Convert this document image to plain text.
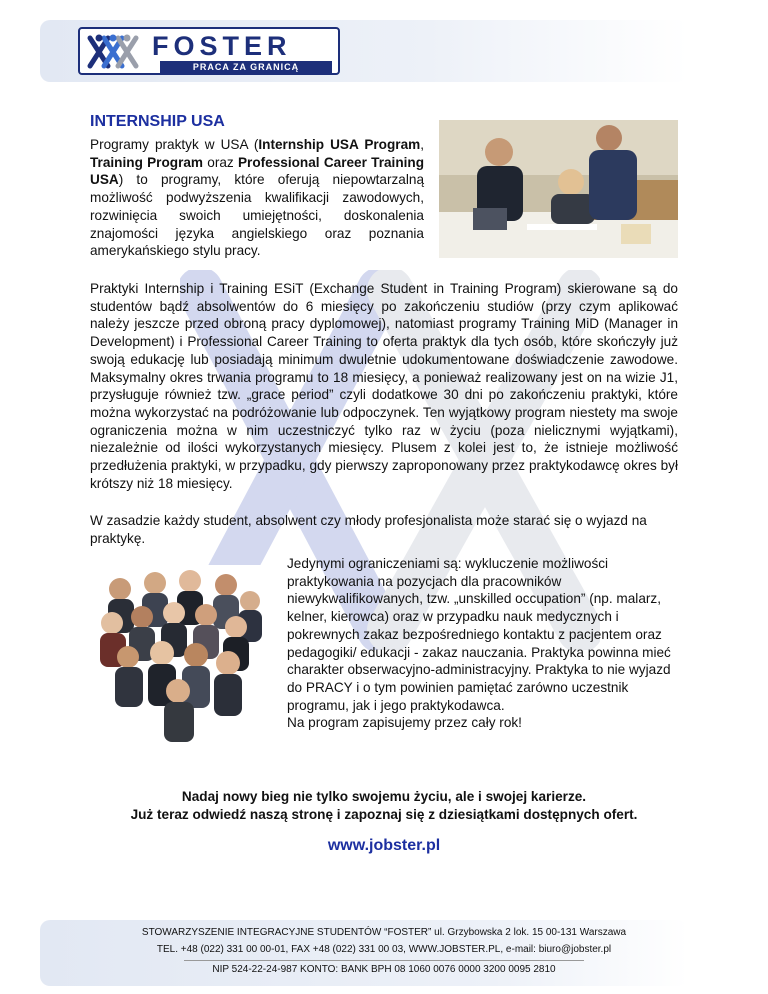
FOSTER
PRACA ZA GRANICĄ
INTERNSHIP USA

Programy praktyk w USA (Internship USA Program, Training Program oraz Professional Career Training USA) to programy, które oferują niepowtarzalną możliwość podwyższenia kwalifikacji zawodowych, rozwinięcia swoich umiejętności, doskonalenia znajomości języka angielskiego oraz poznania amerykańskiego stylu pracy.

Praktyki Internship i Training ESiT (Exchange Student in Training Program) skierowane są do studentów bądź absolwentów do 6 miesięcy po zakończeniu studiów (przy czym aplikować należy jeszcze przed obroną pracy dyplomowej), natomiast programy Training MiD (Manager in Development) i Professional Career Training to oferta praktyk dla tych osób, które skończyły już swoją edukację lub posiadają minimum dwuletnie udokumentowane doświadczenie zawodowe. Maksymalny okres trwania programu to 18 miesięcy, a ponieważ realizowany jest on na wizie J1, przysługuje również tzw. „grace period” czyli dodatkowe 30 dni po zakończeniu praktyki, które można wykorzystać na podróżowanie lub odpoczynek. Ten wyjątkowy program niestety ma swoje ograniczenia można w nim uczestniczyć tylko raz w życiu (poza nielicznymi wyjątkami), niezależnie od ilości wykorzystanych miesięcy. Plusem z kolei jest to, że istnieje możliwość przedłużenia praktyki, w przypadku, gdy pierwszy zaproponowany przez praktykodawcę okres był krótszy niż 18 miesięcy.

W zasadzie każdy student, absolwent czy młody profesjonalista może starać się o wyjazd na praktykę.

Jedynymi ograniczeniami są: wykluczenie możliwości praktykowania na pozycjach dla pracowników niewykwalifikowanych, tzw. „unskilled occupation” (np. malarz, kelner, kierowca) oraz w przypadku nauk medycznych i pokrewnych zakaz bezpośredniego kontaktu z pacjentem oraz pedagogiki/ edukacji - zakaz nauczania. Praktyka powinna mieć charakter obserwacyjno-administracyjny. Praktyka to nie wyjazd do PRACY i o tym powinien pamiętać zarówno uczestnik programu, jak i jego praktykodawca.
Na program zapisujemy przez cały rok!

Nadaj nowy bieg nie tylko swojemu życiu, ale i swojej karierze.
Już teraz odwiedź naszą stronę i zapoznaj się z dziesiątkami dostępnych ofert.

www.jobster.pl
STOWARZYSZENIE INTEGRACYJNE STUDENTÓW “FOSTER” ul. Grzybowska 2 lok. 15 00-131 Warszawa
TEL. +48 (022) 331 00 00-01, FAX +48 (022) 331 00 03, WWW.JOBSTER.PL, e-mail: biuro@jobster.pl
NIP 524-22-24-987 KONTO: BANK BPH 08 1060 0076 0000 3200 0095 2810
